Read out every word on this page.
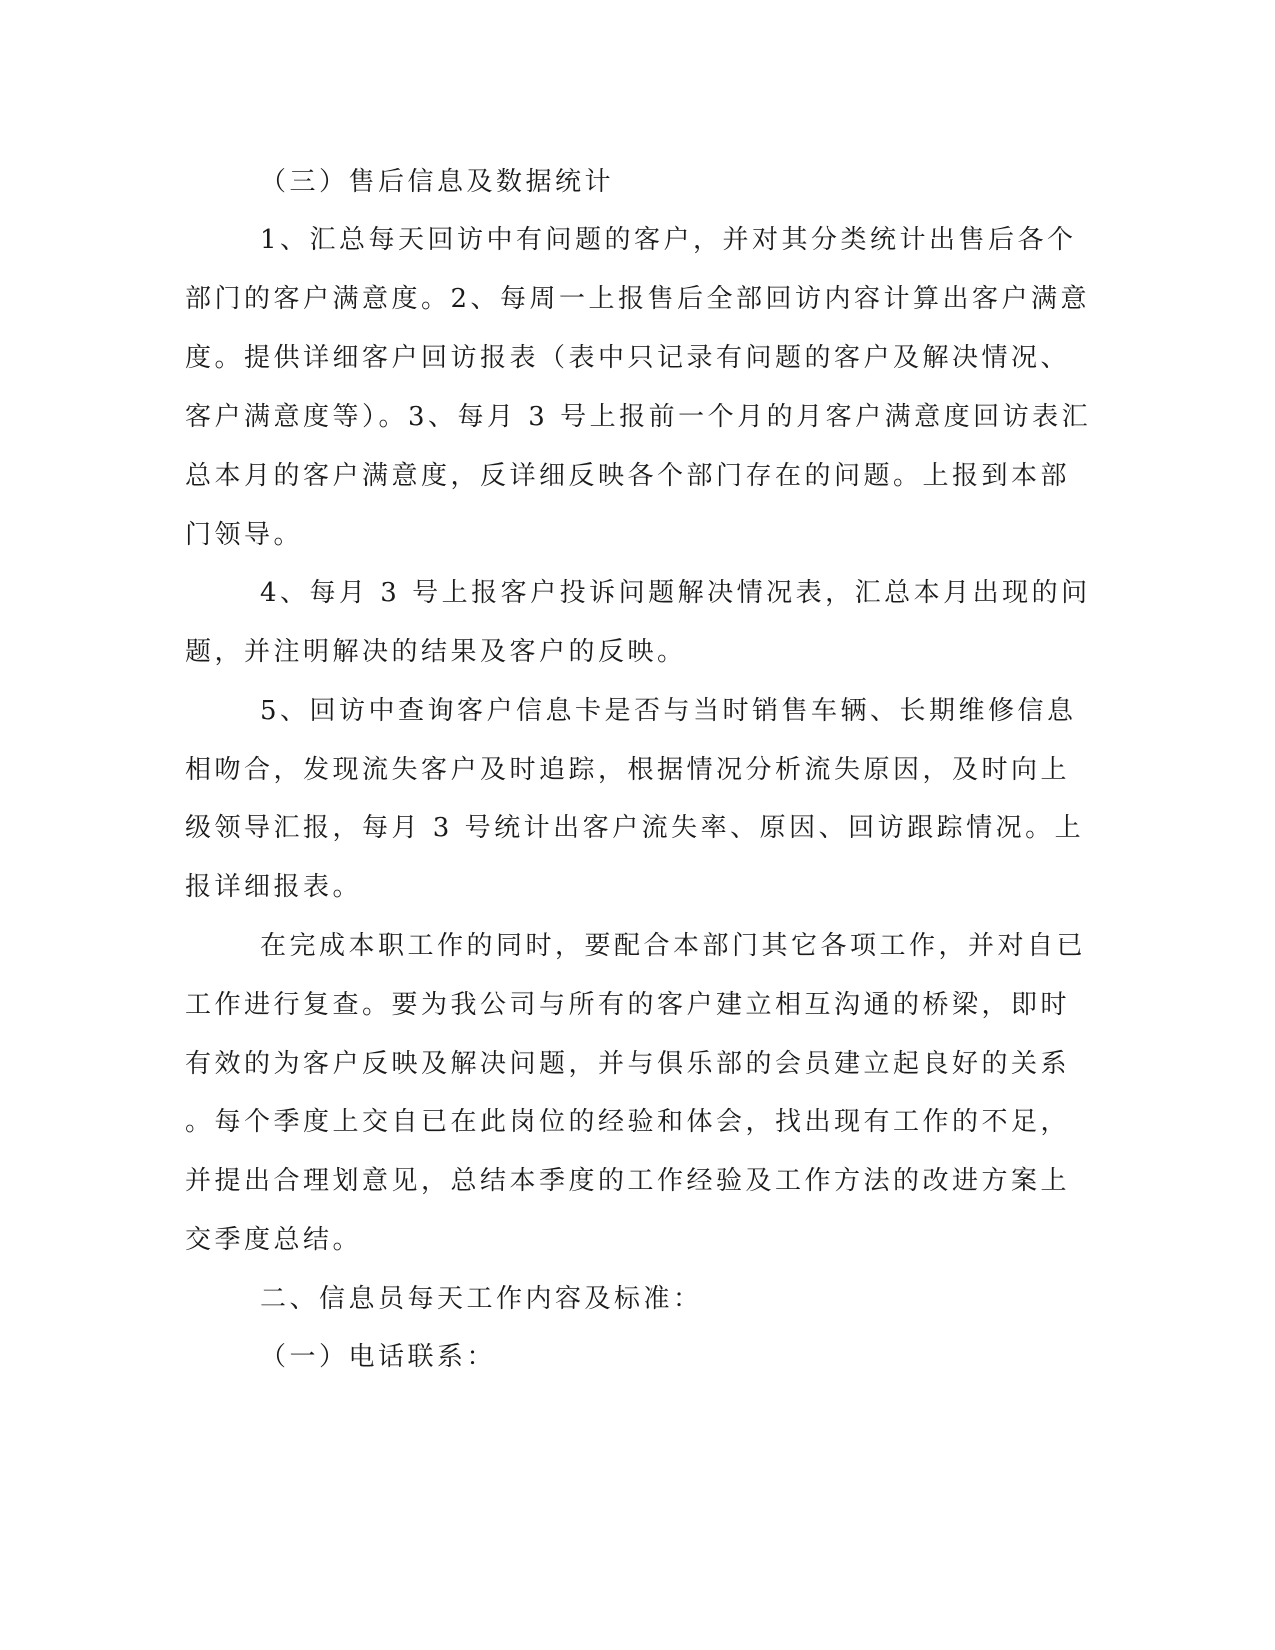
（三）售后信息及数据统计
1、汇总每天回访中有问题的客户，并对其分类统计出售后各个
部门的客户满意度。2、每周一上报售后全部回访内容计算出客户满意
度。提供详细客户回访报表（表中只记录有问题的客户及解决情况、
客户满意度等）。3、每月 3 号上报前一个月的月客户满意度回访表汇
总本月的客户满意度，反详细反映各个部门存在的问题。上报到本部
门领导。
4、每月 3 号上报客户投诉问题解决情况表，汇总本月出现的问
题，并注明解决的结果及客户的反映。
5、回访中查询客户信息卡是否与当时销售车辆、长期维修信息
相吻合，发现流失客户及时追踪，根据情况分析流失原因，及时向上
级领导汇报，每月 3 号统计出客户流失率、原因、回访跟踪情况。上
报详细报表。
在完成本职工作的同时，要配合本部门其它各项工作，并对自已
工作进行复查。要为我公司与所有的客户建立相互沟通的桥梁，即时
有效的为客户反映及解决问题，并与俱乐部的会员建立起良好的关系
。每个季度上交自已在此岗位的经验和体会，找出现有工作的不足，
并提出合理划意见，总结本季度的工作经验及工作方法的改进方案上
交季度总结。
二、信息员每天工作内容及标准：
（一）电话联系：
